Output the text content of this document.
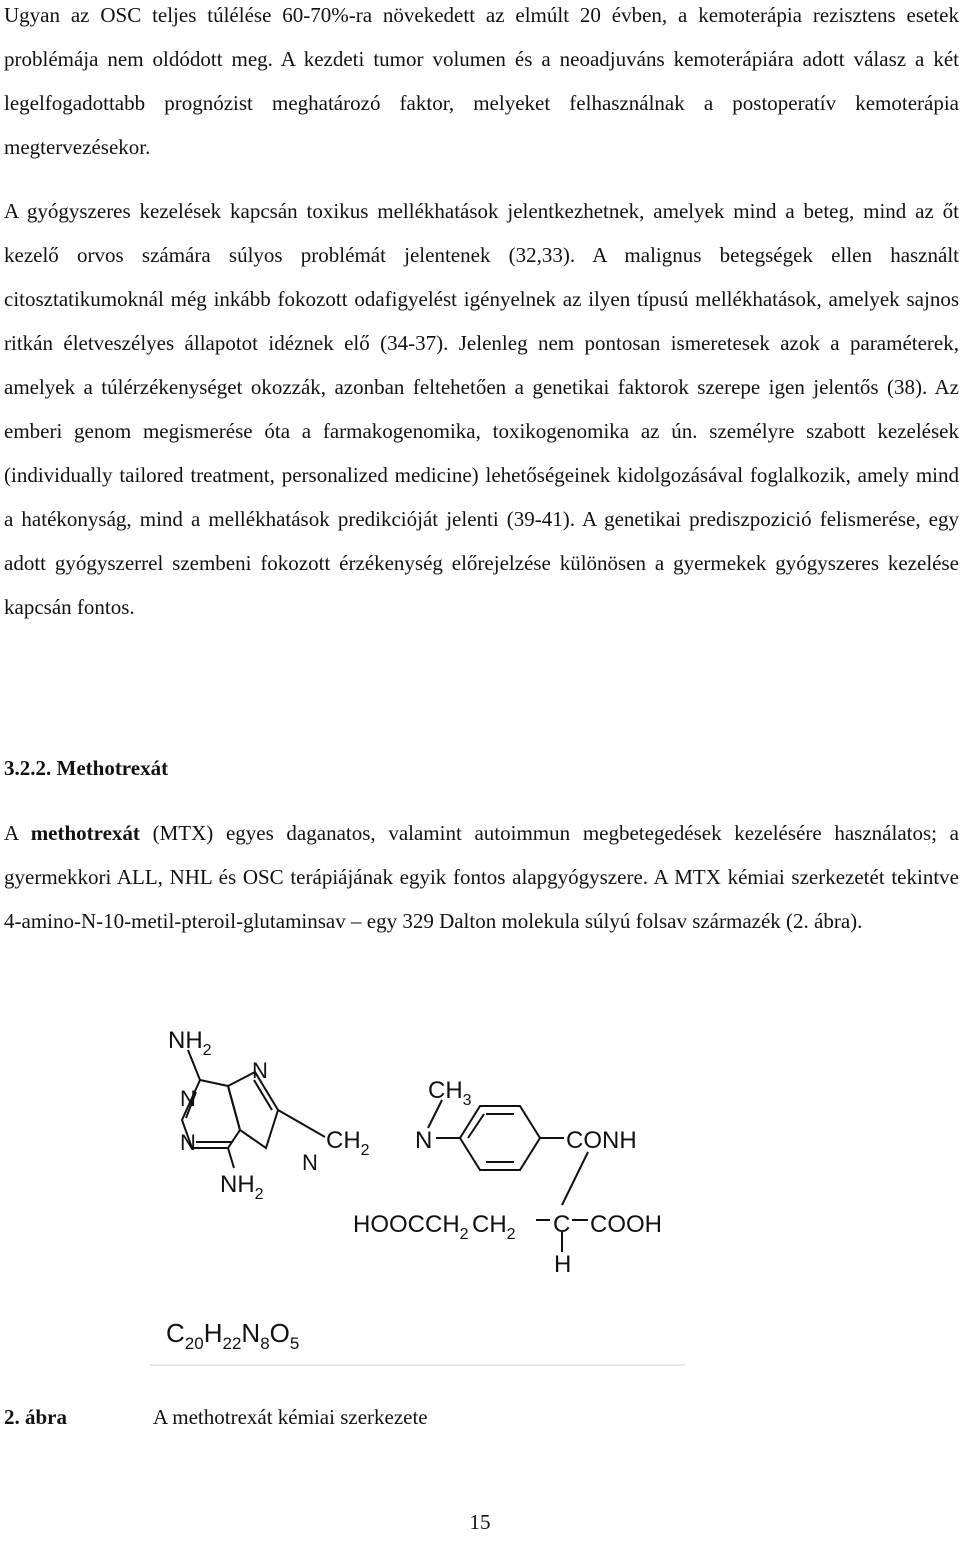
Ugyan az OSC teljes túlélése 60-70%-ra növekedett az elmúlt 20 évben, a kemoterápia rezisztens esetek problémája nem oldódott meg. A kezdeti tumor volumen és a neoadjuváns kemoterápiára adott válasz a két legelfogadottabb prognózist meghatározó faktor, melyeket felhasználnak a postoperatív kemoterápia megtervezésekor.

A gyógyszeres kezelések kapcsán toxikus mellékhatások jelentkezhetnek, amelyek mind a beteg, mind az őt kezelő orvos számára súlyos problémát jelentenek (32,33). A malignus betegségek ellen használt citosztatikumoknál még inkább fokozott odafigyelést igényelnek az ilyen típusú mellékhatások, amelyek sajnos ritkán életveszélyes állapotot idéznek elő (34-37). Jelenleg nem pontosan ismeretesek azok a paraméterek, amelyek a túlérzékenységet okozzák, azonban feltehetően a genetikai faktorok szerepe igen jelentős (38). Az emberi genom megismerése óta a farmakogenomika, toxikogenomika az ún. személyre szabott kezelések (individually tailored treatment, personalized medicine) lehetőségeinek kidolgozásával foglalkozik, amely mind a hatékonyság, mind a mellékhatások predikcióját jelenti (39-41). A genetikai prediszpozició felismerése, egy adott gyógyszerrel szembeni fokozott érzékenység előrejelzése különösen a gyermekek gyógyszeres kezelése kapcsán fontos.

3.2.2. Methotrexát

A methotrexát (MTX) egyes daganatos, valamint autoimmun megbetegedések kezelésére használatos; a gyermekkori ALL, NHL és OSC terápiájának egyik fontos alapgyógyszere. A MTX kémiai szerkezetét tekintve 4-amino-N-10-metil-pteroil-glutaminsav – egy 329 Dalton molekula súlyú folsav származék (2. ábra).

$NH_2$
N
N
N
N
$NH_2$
$CH_2$ N
$CH_3$
CONH
$HOOCCH_2$ $CH_2$ C COOH
H
$C_{20}H_{22}N_8O_5$

2. ábra	A methotrexát kémiai szerkezete

15
